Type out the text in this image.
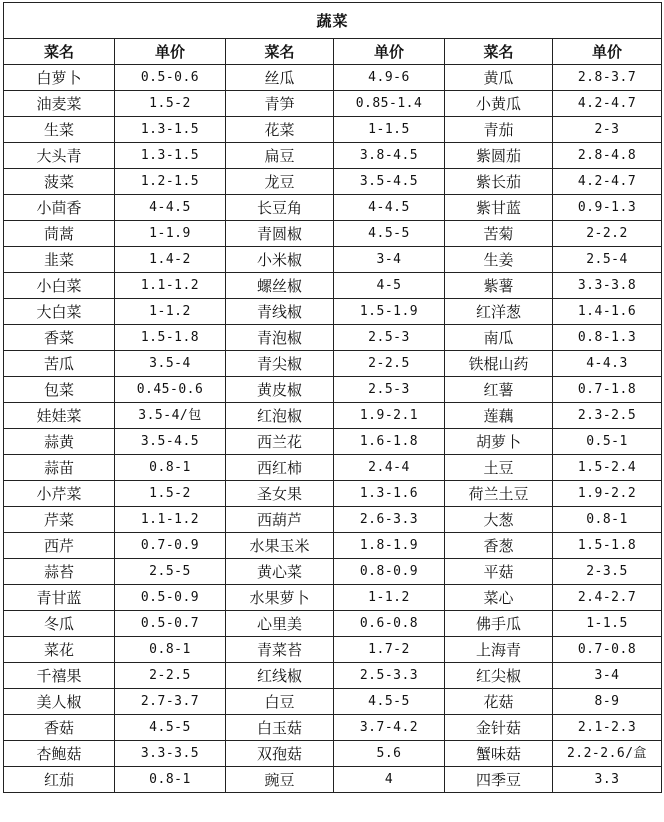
蔬菜					
菜名	单价	菜名	单价	菜名	单价
白萝卜	0.5-0.6	丝瓜	4.9-6	黄瓜	2.8-3.7
油麦菜	1.5-2	青笋	0.85-1.4	小黄瓜	4.2-4.7
生菜	1.3-1.5	花菜	1-1.5	青茄	2-3
大头青	1.3-1.5	扁豆	3.8-4.5	紫圆茄	2.8-4.8
菠菜	1.2-1.5	龙豆	3.5-4.5	紫长茄	4.2-4.7
小茴香	4-4.5	长豆角	4-4.5	紫甘蓝	0.9-1.3
茼蒿	1-1.9	青圆椒	4.5-5	苦菊	2-2.2
韭菜	1.4-2	小米椒	3-4	生姜	2.5-4
小白菜	1.1-1.2	螺丝椒	4-5	紫薯	3.3-3.8
大白菜	1-1.2	青线椒	1.5-1.9	红洋葱	1.4-1.6
香菜	1.5-1.8	青泡椒	2.5-3	南瓜	0.8-1.3
苦瓜	3.5-4	青尖椒	2-2.5	铁棍山药	4-4.3
包菜	0.45-0.6	黄皮椒	2.5-3	红薯	0.7-1.8
娃娃菜	3.5-4/包	红泡椒	1.9-2.1	莲藕	2.3-2.5
蒜黄	3.5-4.5	西兰花	1.6-1.8	胡萝卜	0.5-1
蒜苗	0.8-1	西红柿	2.4-4	土豆	1.5-2.4
小芹菜	1.5-2	圣女果	1.3-1.6	荷兰土豆	1.9-2.2
芹菜	1.1-1.2	西葫芦	2.6-3.3	大葱	0.8-1
西芹	0.7-0.9	水果玉米	1.8-1.9	香葱	1.5-1.8
蒜苔	2.5-5	黄心菜	0.8-0.9	平菇	2-3.5
青甘蓝	0.5-0.9	水果萝卜	1-1.2	菜心	2.4-2.7
冬瓜	0.5-0.7	心里美	0.6-0.8	佛手瓜	1-1.5
菜花	0.8-1	青菜苔	1.7-2	上海青	0.7-0.8
千禧果	2-2.5	红线椒	2.5-3.3	红尖椒	3-4
美人椒	2.7-3.7	白豆	4.5-5	花菇	8-9
香菇	4.5-5	白玉菇	3.7-4.2	金针菇	2.1-2.3
杏鲍菇	3.3-3.5	双孢菇	5.6	蟹味菇	2.2-2.6/盒
红茄	0.8-1	豌豆	4	四季豆	3.3
